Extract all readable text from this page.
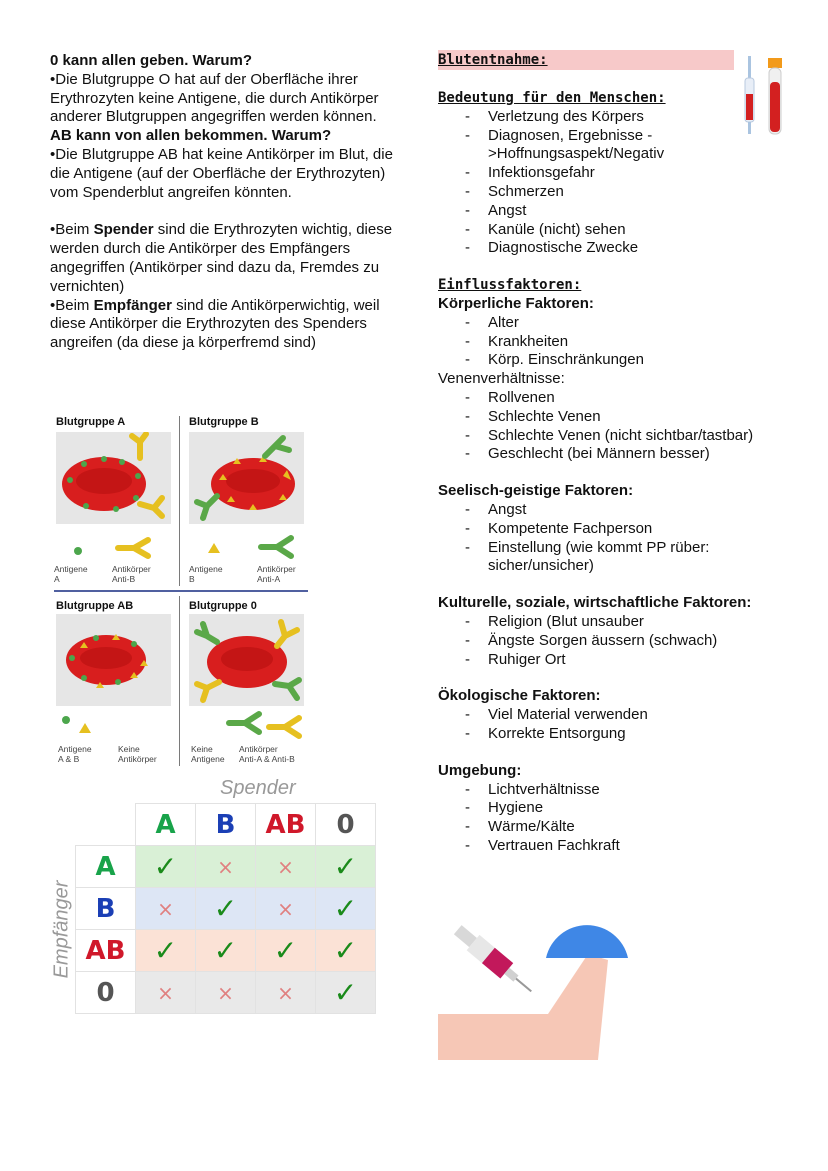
0 kann allen geben. Warum?

•Die Blutgruppe O hat auf der Oberfläche ihrer Erythrozyten keine Antigene, die durch Antikörper anderer Blutgruppen angegriffen werden können.

AB kann von allen bekommen. Warum?

•Die Blutgruppe AB hat keine Antikörper im Blut, die die Antigene (auf der Oberfläche der Erythrozyten) vom Spenderblut angreifen könnten.

•Beim Spender sind die Erythrozyten wichtig, diese werden durch die Antikörper des Empfängers angegriffen (Antikörper sind dazu da, Fremdes zu vernichten)

•Beim Empfänger sind die Antikörperwichtig, weil diese Antikörper die Erythrozyten des Spenders angreifen (da diese ja körperfremd sind)

Blutgruppe A
Antigene
A
Antikörper
Anti-B
Blutgruppe B
Antigene
B
Antikörper
Anti-A
Blutgruppe AB
Antigene
A & B
Keine
Antikörper
Blutgruppe 0
Keine
Antigene
Antikörper
Anti-A & Anti-B
Spender
Empfänger
	A	B	AB	0
A	✓	×	×	✓
B	×	✓	×	✓
AB	✓	✓	✓	✓
0	×	×	×	✓
Blutentnahme:
Bedeutung für den Menschen:
- Verletzung des Körpers
- Diagnosen, Ergebnisse ->Hoffnungsaspekt/Negativ
- Infektionsgefahr
- Schmerzen
- Angst
- Kanüle (nicht) sehen
- Diagnostische Zwecke
Einflussfaktoren:
Körperliche Faktoren:
- Alter
- Krankheiten
- Körp. Einschränkungen
Venenverhältnisse:
- Rollvenen
- Schlechte Venen
- Schlechte Venen (nicht sichtbar/tastbar)
- Geschlecht (bei Männern besser)
Seelisch-geistige Faktoren:
- Angst
- Kompetente Fachperson
- Einstellung (wie kommt PP rüber: sicher/unsicher)
Kulturelle, soziale, wirtschaftliche Faktoren:
- Religion (Blut unsauber
- Ängste Sorgen äussern (schwach)
- Ruhiger Ort
Ökologische Faktoren:
- Viel Material verwenden
- Korrekte Entsorgung
Umgebung:
- Lichtverhältnisse
- Hygiene
- Wärme/Kälte
- Vertrauen Fachkraft
